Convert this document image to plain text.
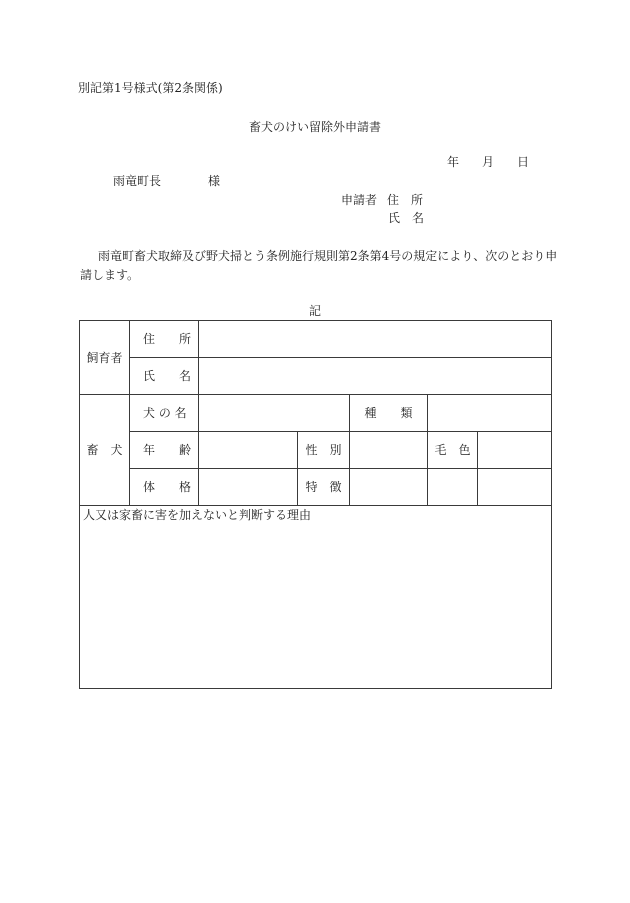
別記第1号様式(第2条関係)
畜犬のけい留除外申請書
年 月 日
雨竜町長	様
申請者 住　所
氏　名
雨竜町畜犬取締及び野犬掃とう条例施行規則第2条第4号の規定により、次のとおり申
請します。
記
飼育者	住　　所					
	氏　　名					
畜　犬	犬 の 名			種　　類		
	年　　齢		性　別		毛　色	
	体　　格		特　徴			
人又は家畜に害を加えないと判断する理由						
